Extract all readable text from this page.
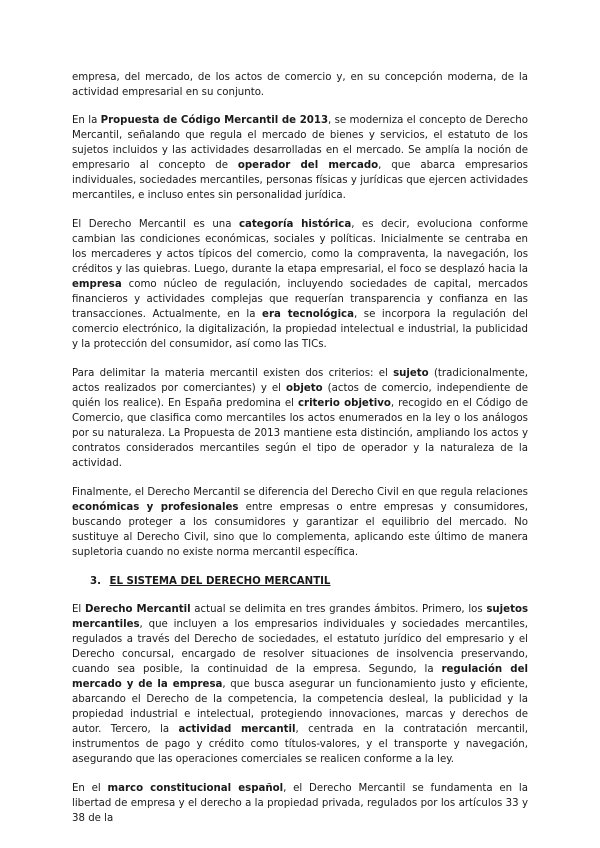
empresa, del mercado, de los actos de comercio y, en su concepción moderna, de la actividad empresarial en su conjunto.

En la Propuesta de Código Mercantil de 2013, se moderniza el concepto de Derecho Mercantil, señalando que regula el mercado de bienes y servicios, el estatuto de los sujetos incluidos y las actividades desarrolladas en el mercado. Se amplía la noción de empresario al concepto de operador del mercado, que abarca empresarios individuales, sociedades mercantiles, personas físicas y jurídicas que ejercen actividades mercantiles, e incluso entes sin personalidad jurídica.

El Derecho Mercantil es una categoría histórica, es decir, evoluciona conforme cambian las condiciones económicas, sociales y políticas. Inicialmente se centraba en los mercaderes y actos típicos del comercio, como la compraventa, la navegación, los créditos y las quiebras. Luego, durante la etapa empresarial, el foco se desplazó hacia la empresa como núcleo de regulación, incluyendo sociedades de capital, mercados financieros y actividades complejas que requerían transparencia y confianza en las transacciones. Actualmente, en la era tecnológica, se incorpora la regulación del comercio electrónico, la digitalización, la propiedad intelectual e industrial, la publicidad y la protección del consumidor, así como las TICs.

Para delimitar la materia mercantil existen dos criterios: el sujeto (tradicionalmente, actos realizados por comerciantes) y el objeto (actos de comercio, independiente de quién los realice). En España predomina el criterio objetivo, recogido en el Código de Comercio, que clasifica como mercantiles los actos enumerados en la ley o los análogos por su naturaleza. La Propuesta de 2013 mantiene esta distinción, ampliando los actos y contratos considerados mercantiles según el tipo de operador y la naturaleza de la actividad.

Finalmente, el Derecho Mercantil se diferencia del Derecho Civil en que regula relaciones económicas y profesionales entre empresas o entre empresas y consumidores, buscando proteger a los consumidores y garantizar el equilibrio del mercado. No sustituye al Derecho Civil, sino que lo complementa, aplicando este último de manera supletoria cuando no existe norma mercantil específica.

3. EL SISTEMA DEL DERECHO MERCANTIL

El Derecho Mercantil actual se delimita en tres grandes ámbitos. Primero, los sujetos mercantiles, que incluyen a los empresarios individuales y sociedades mercantiles, regulados a través del Derecho de sociedades, el estatuto jurídico del empresario y el Derecho concursal, encargado de resolver situaciones de insolvencia preservando, cuando sea posible, la continuidad de la empresa. Segundo, la regulación del mercado y de la empresa, que busca asegurar un funcionamiento justo y eficiente, abarcando el Derecho de la competencia, la competencia desleal, la publicidad y la propiedad industrial e intelectual, protegiendo innovaciones, marcas y derechos de autor. Tercero, la actividad mercantil, centrada en la contratación mercantil, instrumentos de pago y crédito como títulos-valores, y el transporte y navegación, asegurando que las operaciones comerciales se realicen conforme a la ley.

En el marco constitucional español, el Derecho Mercantil se fundamenta en la libertad de empresa y el derecho a la propiedad privada, regulados por los artículos 33 y 38 de la
